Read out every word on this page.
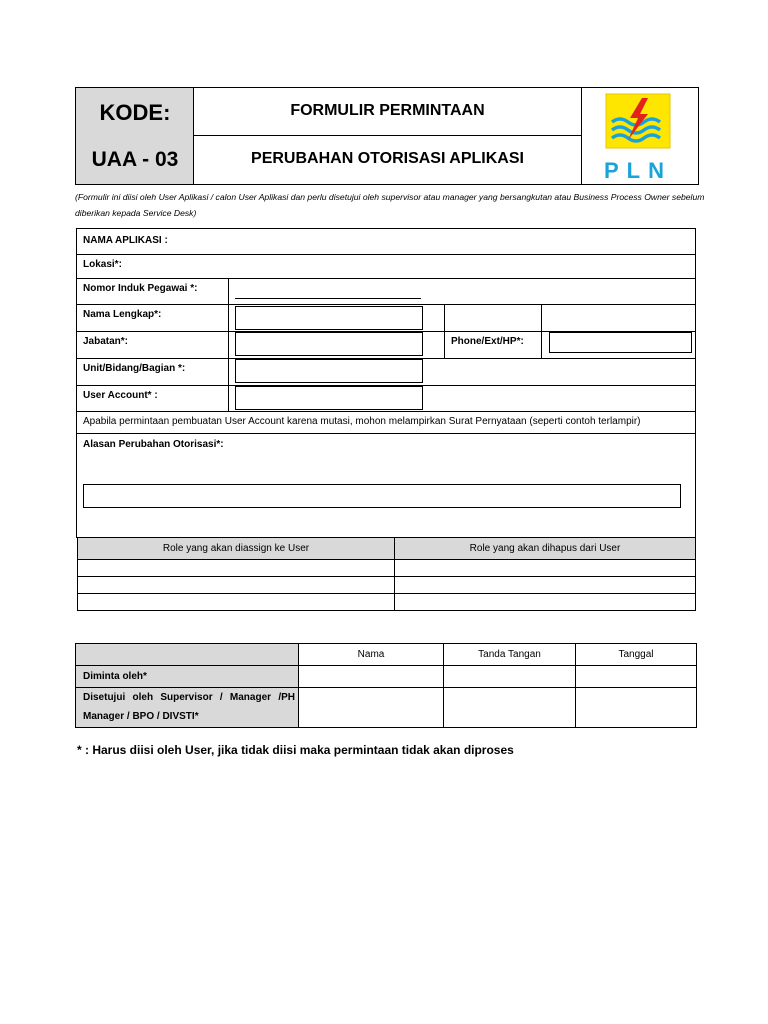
KODE:
UAA - 03
FORMULIR PERMINTAAN
PERUBAHAN OTORISASI APLIKASI	PLN
(Formulir ini diisi oleh User Aplikasi / calon User Aplikasi dan perlu disetujui oleh supervisor atau manager yang bersangkutan atau Business Process Owner sebelum diberikan kepada Service Desk)
NAMA APLIKASI :
Lokasi*:
Nomor Induk Pegawai *:
Nama Lengkap*:
Jabatan*:	Phone/Ext/HP*:
Unit/Bidang/Bagian *:
User Account* :
Apabila permintaan pembuatan User Account karena mutasi, mohon melampirkan Surat Pernyataan (seperti contoh terlampir)
Alasan Perubahan Otorisasi*:
Role yang akan diassign ke User	Role yang akan dihapus dari User
Nama	Tanda Tangan	Tanggal
Diminta oleh*
Disetujui oleh Supervisor / Manager /PH
Manager / BPO / DIVSTI*
* : Harus diisi oleh User, jika tidak diisi maka permintaan tidak akan diproses
